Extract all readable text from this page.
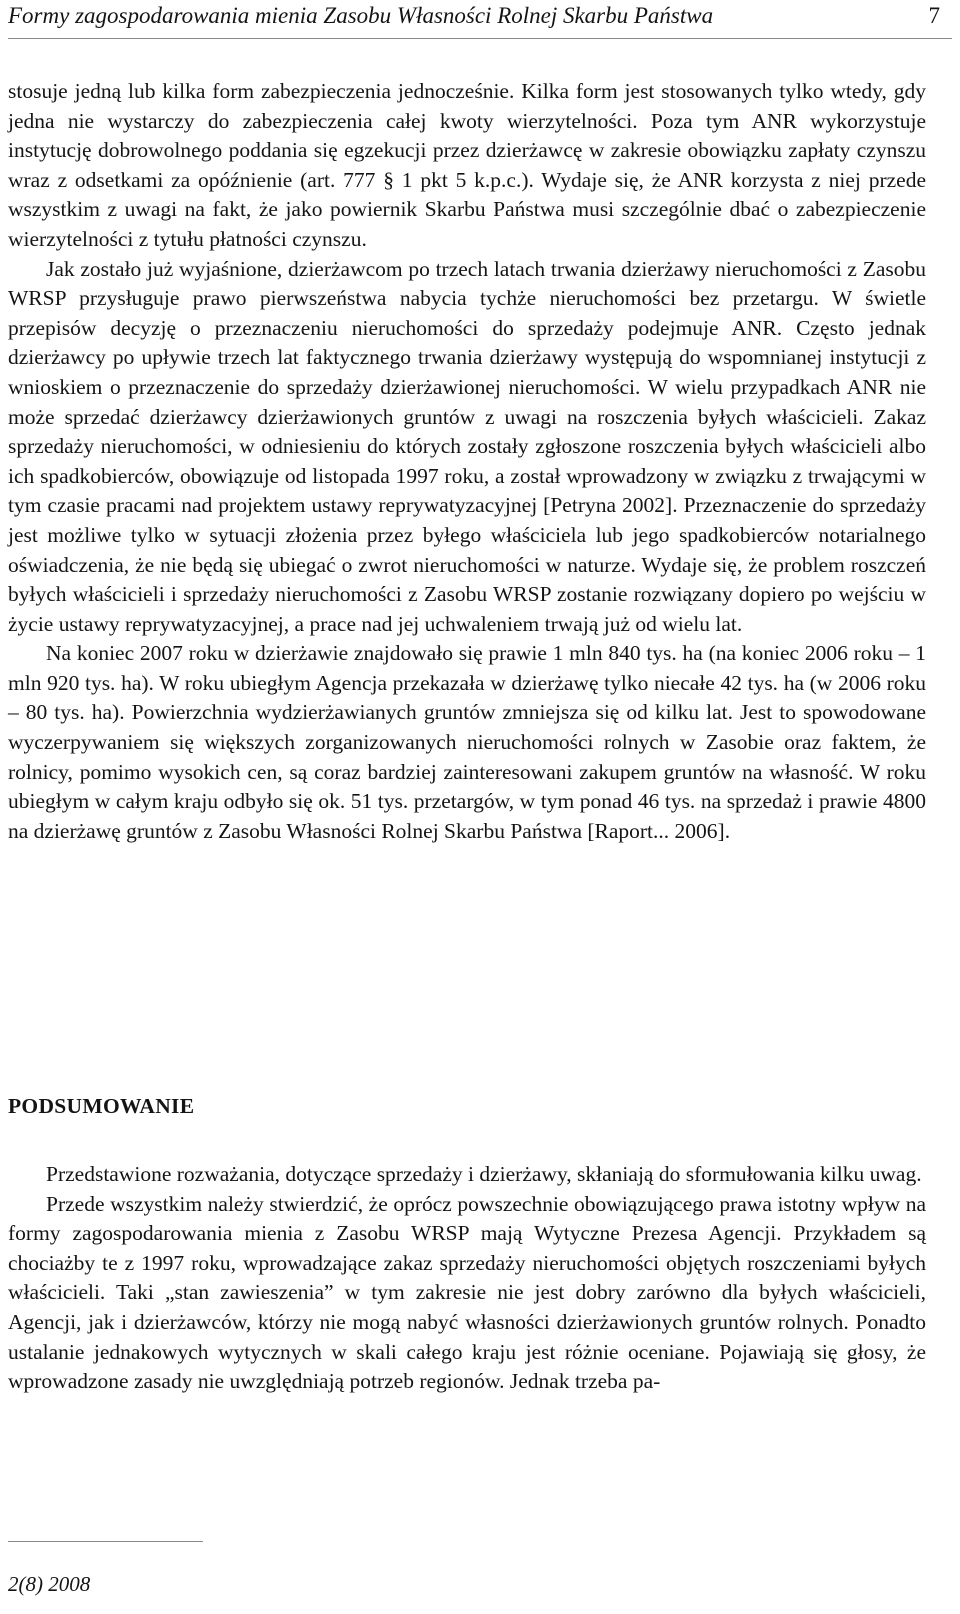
Formy zagospodarowania mienia Zasobu Własności Rolnej Skarbu Państwa	7

stosuje jedną lub kilka form zabezpieczenia jednocześnie. Kilka form jest stosowanych tylko wtedy, gdy jedna nie wystarczy do zabezpieczenia całej kwoty wierzytelności. Poza tym ANR wykorzystuje instytucję dobrowolnego poddania się egzekucji przez dzierżawcę w zakresie obowiązku zapłaty czynszu wraz z odsetkami za opóźnienie (art. 777 § 1 pkt 5 k.p.c.). Wydaje się, że ANR korzysta z niej przede wszystkim z uwagi na fakt, że jako powiernik Skarbu Państwa musi szczególnie dbać o zabezpieczenie wierzytelności z tytułu płatności czynszu.

Jak zostało już wyjaśnione, dzierżawcom po trzech latach trwania dzierżawy nieruchomości z Zasobu WRSP przysługuje prawo pierwszeństwa nabycia tychże nieruchomości bez przetargu. W świetle przepisów decyzję o przeznaczeniu nieruchomości do sprzedaży podejmuje ANR. Często jednak dzierżawcy po upływie trzech lat faktycznego trwania dzierżawy występują do wspomnianej instytucji z wnioskiem o przeznaczenie do sprzedaży dzierżawionej nieruchomości. W wielu przypadkach ANR nie może sprzedać dzierżawcy dzierżawionych gruntów z uwagi na roszczenia byłych właścicieli. Zakaz sprzedaży nieruchomości, w odniesieniu do których zostały zgłoszone roszczenia byłych właścicieli albo ich spadkobierców, obowiązuje od listopada 1997 roku, a został wprowadzony w związku z trwającymi w tym czasie pracami nad projektem ustawy reprywatyzacyjnej [Petryna 2002]. Przeznaczenie do sprzedaży jest możliwe tylko w sytuacji złożenia przez byłego właściciela lub jego spadkobierców notarialnego oświadczenia, że nie będą się ubiegać o zwrot nieruchomości w naturze. Wydaje się, że problem roszczeń byłych właścicieli i sprzedaży nieruchomości z Zasobu WRSP zostanie rozwiązany dopiero po wejściu w życie ustawy reprywatyzacyjnej, a prace nad jej uchwaleniem trwają już od wielu lat.

Na koniec 2007 roku w dzierżawie znajdowało się prawie 1 mln 840 tys. ha (na koniec 2006 roku – 1 mln 920 tys. ha). W roku ubiegłym Agencja przekazała w dzierżawę tylko niecałe 42 tys. ha (w 2006 roku – 80 tys. ha). Powierzchnia wydzierżawianych gruntów zmniejsza się od kilku lat. Jest to spowodowane wyczerpywaniem się większych zorganizowanych nieruchomości rolnych w Zasobie oraz faktem, że rolnicy, pomimo wysokich cen, są coraz bardziej zainteresowani zakupem gruntów na własność. W roku ubiegłym w całym kraju odbyło się ok. 51 tys. przetargów, w tym ponad 46 tys. na sprzedaż i prawie 4800 na dzierżawę gruntów z Zasobu Własności Rolnej Skarbu Państwa [Raport... 2006].

PODSUMOWANIE

Przedstawione rozważania, dotyczące sprzedaży i dzierżawy, skłaniają do sformułowania kilku uwag.

Przede wszystkim należy stwierdzić, że oprócz powszechnie obowiązującego prawa istotny wpływ na formy zagospodarowania mienia z Zasobu WRSP mają Wytyczne Prezesa Agencji. Przykładem są chociażby te z 1997 roku, wprowadzające zakaz sprzedaży nieruchomości objętych roszczeniami byłych właścicieli. Taki „stan zawieszenia” w tym zakresie nie jest dobry zarówno dla byłych właścicieli, Agencji, jak i dzierżawców, którzy nie mogą nabyć własności dzierżawionych gruntów rolnych. Ponadto ustalanie jednakowych wytycznych w skali całego kraju jest różnie oceniane. Pojawiają się głosy, że wprowadzone zasady nie uwzględniają potrzeb regionów. Jednak trzeba pa-

2(8) 2008
